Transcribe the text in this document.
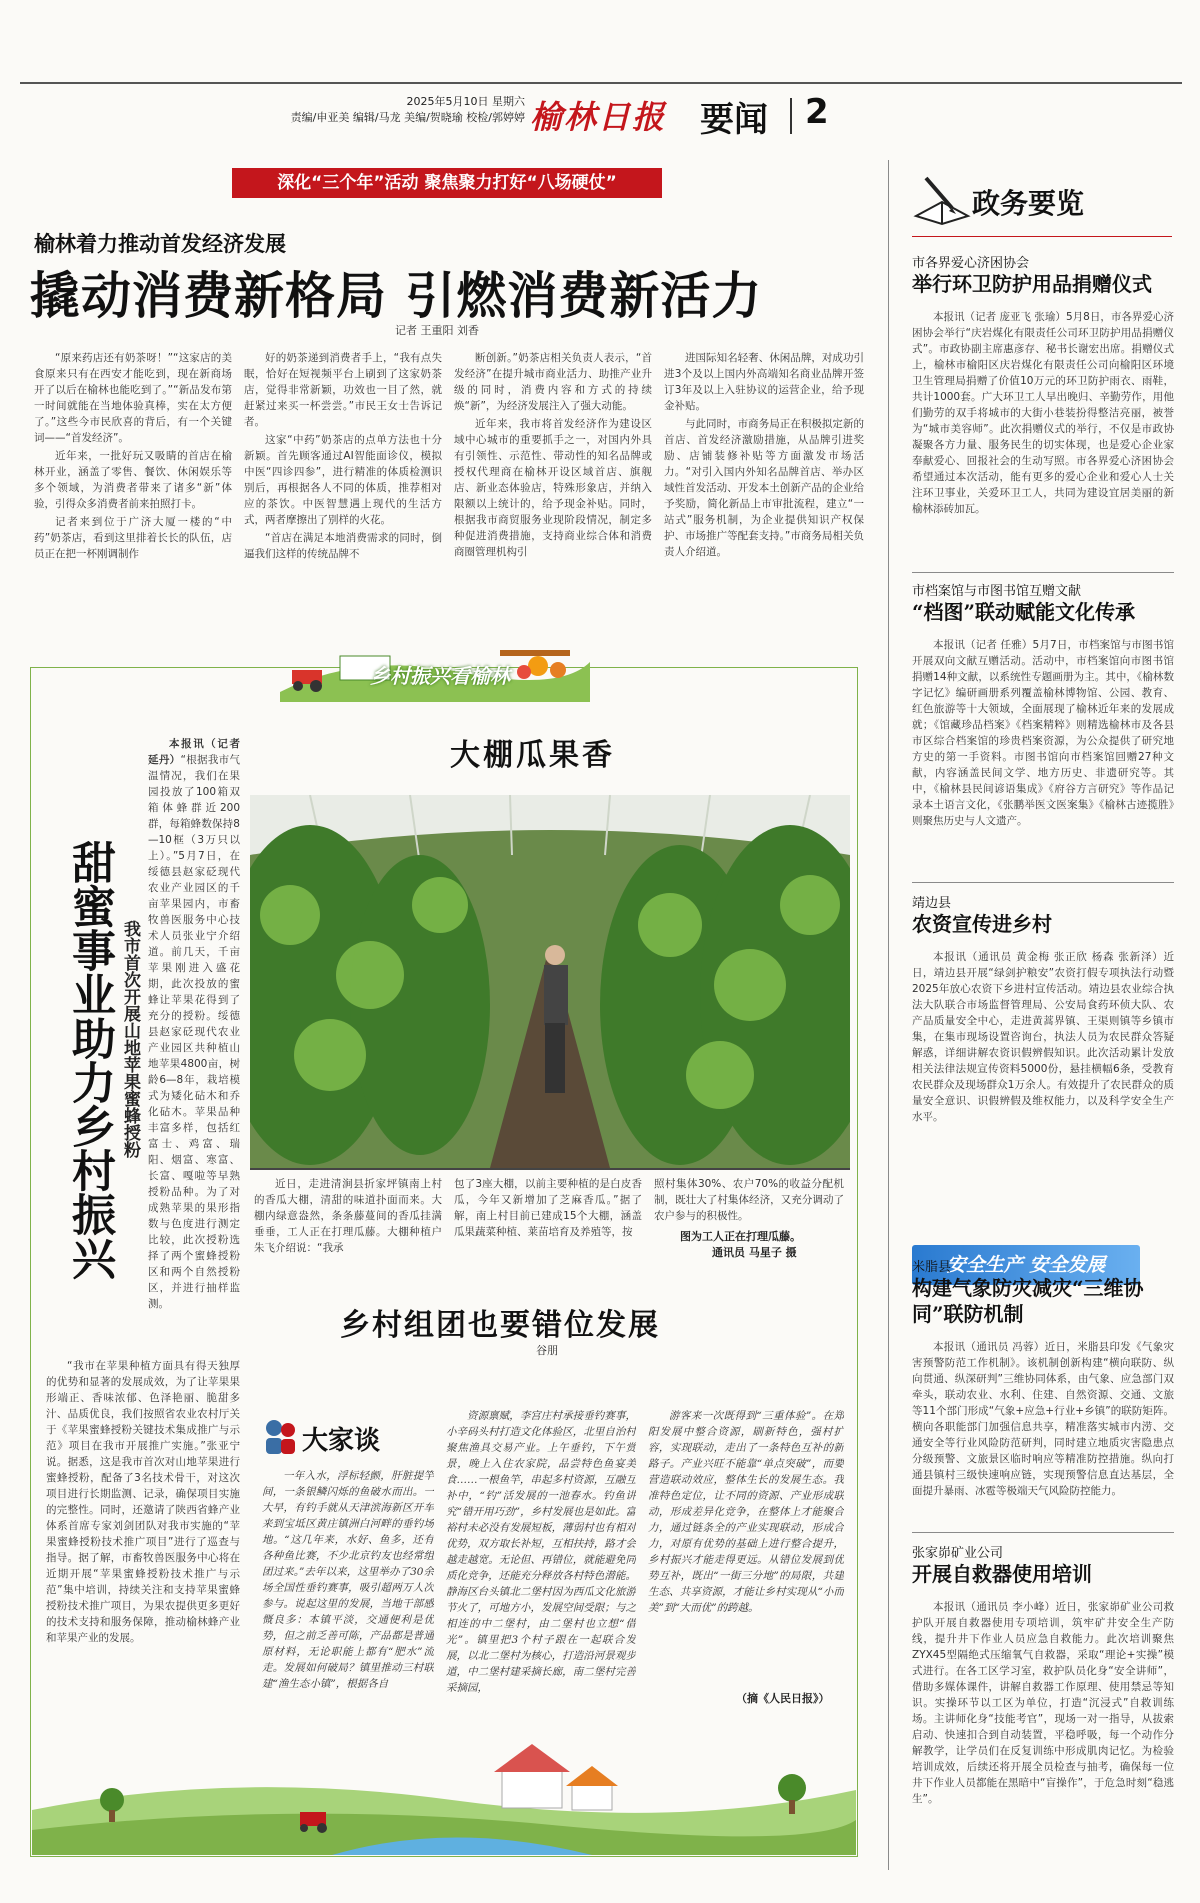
2025年5月10日 星期六
责编/申亚美 编辑/马龙 美编/贺晓瑜 校检/郭婷婷 榆林日报 要闻 2
深化“三个年”活动 聚焦聚力打好“八场硬仗”
榆林着力推动首发经济发展
撬动消费新格局 引燃消费新活力
记者 王重阳 刘香

“原来药店还有奶茶呀！”“这家店的美食原来只有在西安才能吃到，现在新商场开了以后在榆林也能吃到了。”“新品发布第一时间就能在当地体验真棒，实在太方便了。”这些今市民欣喜的背后，有一个关键词——“首发经济”。

近年来，一批好玩又吸睛的首店在榆林开业，涵盖了零售、餐饮、休闲娱乐等多个领域，为消费者带来了诸多“新”体验，引得众多消费者前来拍照打卡。

记者来到位于广济大厦一楼的“中药”奶茶店，看到这里排着长长的队伍，店员正在把一杯刚调制作

好的奶茶递到消费者手上，“我有点失眠，恰好在短视频平台上刷到了这家奶茶店，觉得非常新颖，功效也一目了然，就赶紧过来买一杯尝尝。”市民王女士告诉记者。

这家“中药”奶茶店的点单方法也十分新颖。首先顾客通过AI智能面诊仪，模拟中医“四诊四参”，进行精准的体质检测识别后，再根据各人不同的体质，推荐相对应的茶饮。中医智慧遇上现代的生活方式，两者摩擦出了别样的火花。

“首店在满足本地消费需求的同时，倒逼我们这样的传统品牌不

断创新。”奶茶店相关负责人表示，“首发经济”在提升城市商业活力、助推产业升级的同时，消费内容和方式的持续焕“新”，为经济发展注入了强大动能。

近年来，我市将首发经济作为建设区域中心城市的重要抓手之一，对国内外具有引领性、示范性、带动性的知名品牌或授权代理商在榆林开设区域首店、旗舰店、新业态体验店，特殊形象店，并纳入限额以上统计的，给予现金补贴。同时，根据我市商贸服务业现阶段情况，制定多种促进消费措施，支持商业综合体和消费商圈管理机构引

进国际知名轻奢、休闲品牌，对成功引进3个及以上国内外高端知名商业品牌开签订3年及以上入驻协议的运营企业，给予现金补贴。

与此同时，市商务局正在积极拟定新的首店、首发经济激励措施，从品牌引进奖励、店铺装修补贴等方面激发市场活力。“对引入国内外知名品牌首店、举办区域性首发活动、开发本土创新产品的企业给予奖励，简化新品上市审批流程，建立“一站式”服务机制，为企业提供知识产权保护、市场推广等配套支持。”市商务局相关负责人介绍道。

政务要览
市各界爱心济困协会
举行环卫防护用品捐赠仪式
本报讯（记者 庞亚飞 张瑜）5月8日，市各界爱心济困协会举行“庆岩煤化有限责任公司环卫防护用品捐赠仪式”。市政协副主席惠彦存、秘书长谢宏出席。捐赠仪式上，榆林市榆阳区庆岩煤化有限责任公司向榆阳区环境卫生管理局捐赠了价值10万元的环卫防护雨衣、雨鞋，共计1000套。广大环卫工人早出晚归、辛勤劳作，用他们勤劳的双手将城市的大街小巷装扮得整洁亮丽，被誉为“城市美容师”。此次捐赠仪式的举行，不仅是市政协凝聚各方力量、服务民生的切实体现，也是爱心企业家奉献爱心、回报社会的生动写照。市各界爱心济困协会希望通过本次活动，能有更多的爱心企业和爱心人士关注环卫事业，关爱环卫工人，共同为建设宜居美丽的新榆林添砖加瓦。
市档案馆与市图书馆互赠文献
“档图”联动赋能文化传承
本报讯（记者 任雅）5月7日，市档案馆与市图书馆开展双向文献互赠活动。活动中，市档案馆向市图书馆捐赠14种文献，以系统性专题画册为主。其中，《榆林数字记忆》编研画册系列覆盖榆林博物馆、公园、教育、红色旅游等十大领域，全面展现了榆林近年来的发展成就；《馆藏珍品档案》《档案精粹》则精选榆林市及各县市区综合档案馆的珍贵档案资源，为公众提供了研究地方史的第一手资料。市图书馆向市档案馆回赠27种文献，内容涵盖民间文学、地方历史、非遗研究等。其中，《榆林县民间谚语集成》《府谷方言研究》等作品记录本土语言文化，《张鹏举医文医案集》《榆林古迹揽胜》则聚焦历史与人文遗产。
靖边县
农资宣传进乡村
本报讯（通讯员 黄金梅 张正欣 杨森 张新泽）近日，靖边县开展“绿剑护粮安”农资打假专项执法行动暨2025年放心农资下乡进村宣传活动。靖边县农业综合执法大队联合市场监督管理局、公安局食药环侦大队、农产品质量安全中心，走进黄蒿界镇、王渠则镇等乡镇市集，在集市现场设置咨询台，执法人员为农民群众答疑解惑，详细讲解农资识假辨假知识。此次活动累计发放相关法律法规宣传资料5000份，悬挂横幅6条，受教育农民群众及现场群众1万余人。有效提升了农民群众的质量安全意识、识假辨假及维权能力，以及科学安全生产水平。
安全生产 安全发展
米脂县
构建气象防灾减灾“三维协同”联防机制
本报讯（通讯员 冯蓉）近日，米脂县印发《气象灾害预警防范工作机制》。该机制创新构建“横向联防、纵向贯通、纵深研判”三维协同体系，由气象、应急部门双牵头，联动农业、水利、住建、自然资源、交通、文旅等11个部门形成“气象+应急+行业+乡镇”的联防矩阵。横向各职能部门加强信息共享，精准落实城市内涝、交通安全等行业风险防范研判，同时建立地质灾害隐患点分级预警、文旅景区临时响应等精准防控措施。纵向打通县镇村三级快速响应链，实现预警信息直达基层，全面提升暴雨、冰雹等极端天气风险防控能力。
张家峁矿业公司
开展自救器使用培训
本报讯（通讯员 李小峰）近日，张家峁矿业公司救护队开展自救器使用专项培训，筑牢矿井安全生产防线，提升井下作业人员应急自救能力。此次培训聚焦ZYX45型隔绝式压缩氧气自救器，采取“理论+实操”模式进行。在各工区学习室，救护队员化身“安全讲师”，借助多媒体课件，讲解自救器工作原理、使用禁忌等知识。实操环节以工区为单位，打造“沉浸式”自救训练场。主讲师化身“技能考官”，现场一对一指导，从拔索启动、快速扣合到自动装置，平稳呼吸，每一个动作分解教学，让学员们在反复训练中形成肌肉记忆。为检验培训成效，后续还将开展全员检查与抽考，确保每一位井下作业人员都能在黑暗中“盲操作”，于危急时刻“稳逃生”。
乡村振兴看榆林
甜蜜事业助力乡村振兴 我市首次开展山地苹果蜜蜂授粉
本报讯（记者 延丹）“根据我市气温情况，我们在果园投放了100箱双箱体蜂群近200群，每箱蜂数保持8—10框（3万只以上）。”5月7日，在绥德县赵家砭现代农业产业园区的千亩苹果园内，市畜牧兽医服务中心技术人员张业宁介绍道。前几天，千亩苹果刚进入盛花期，此次投放的蜜蜂让苹果花得到了充分的授粉。绥德县赵家砭现代农业产业园区共种植山地苹果4800亩，树龄6—8年，栽培模式为矮化砧木和乔化砧木。苹果品种丰富多样，包括红富士、鸡富、瑞阳、烟富、寒富、长富、嘎啦等早熟授粉品种。为了对成熟苹果的果形指数与色度进行测定比较，此次授粉选择了两个蜜蜂授粉区和两个自然授粉区，并进行抽样监测。
“我市在苹果种植方面具有得天独厚的优势和显著的发展成效，为了让苹果果形端正、香味浓郁、色泽艳丽、脆甜多汁、品质优良，我们按照省农业农村厅关于《苹果蜜蜂授粉关键技术集成推广与示范》项目在我市开展推广实施。”张亚宁说。据悉，这是我市首次对山地苹果进行蜜蜂授粉，配备了3名技术骨干，对这次项目进行长期监测、记录，确保项目实施的完整性。同时，还邀请了陕西省蜂产业体系首席专家刘剑团队对我市实施的“苹果蜜蜂授粉技术推广项目”进行了巡查与指导。据了解，市畜牧兽医服务中心将在近期开展“苹果蜜蜂授粉技术推广与示范”集中培训，持续关注和支持苹果蜜蜂授粉技术推广项目，为果农提供更多更好的技术支持和服务保障，推动榆林蜂产业和苹果产业的发展。
大棚瓜果香
近日，走进清涧县折家坪镇南上村的香瓜大棚，清甜的味道扑面而来。大棚内绿意盎然，条条藤蔓间的香瓜挂满垂垂，工人正在打理瓜藤。大棚种植户朱飞介绍说：“我承
包了3座大棚，以前主要种植的是白皮香瓜，今年又新增加了芝麻香瓜。”据了解，南上村目前已建成15个大棚，涵盖瓜果蔬菜种植、莱苗培育及养殖等，按
照村集体30%、农户70%的收益分配机制，既壮大了村集体经济，又充分调动了农户参与的积极性。
图为工人正在打理瓜藤。
通讯员 马星子 摄
乡村组团也要错位发展
谷朋
大家谈
一年入水，浮标轻颤，肝脏提竿间，一条银鳞闪烁的鱼破水而出。一大早，有钓手就从天津滨海新区开车来到宝坻区黄庄镇洲白河畔的垂钓场地。“这几年来，水好、鱼多，还有各种鱼比赛，不少北京钓友也经常组团过来。”去年以来，这里举办了30余场全国性垂钓赛事，吸引超两万人次参与。说起这里的发展，当地干部感慨良多：本镇平淡，交通便利是优势，但之前乏善可陈，产品都是普通原材料，无论职能上都有“肥水”流走。发展如何破局？镇里推动三村联建“渔生态小镇”，根据各自
资源禀赋，李宫庄村承接垂钓赛事，小辛码头村打造文化体验区，北里自治村聚焦渔具交易产业。上午垂钓，下午赏景，晚上入住农家院，品尝特色鱼宴美食……一根鱼竿，串起多村资源，互融互补中，“钓”活发展的一池春水。钓鱼讲究“错开用巧劲”，乡村发展也是如此。富裕村未必没有发展短板，薄弱村也有相对优势，双方取长补短，互相扶持，路才会越走越宽。无论但、再错位，就能避免同质化竞争，还能充分释放各村特色潜能。静海区台头镇北二堡村因为西瓜文化旅游节火了，可地方小，发展空间受限；与之相连的中二堡村，由二堡村也立想“借光”。镇里把3个村子跟在一起联合发展，以北二堡村为核心，打造沿河景观步道，中二堡村建采摘长廊，南二堡村完善采摘园，
游客来一次既得到“三重体验”。在郑阳发展中整合资源，刷新特色，强村扩容，实现联动，走出了一条特色互补的新路子。产业兴旺不能靠“单点突破”，而要营造联动效应，整体生长的发展生态。我准特色定位，让不同的资源、产业形成联动，形成差异化竞争，在整体上才能聚合力，通过链条全的产业实现联动，形成合力，对原有优势的基础上进行整合提升，乡村振兴才能走得更远。从错位发展到优势互补，既出“一街三分地”的局限，共建生态、共享资源，才能让乡村实现从“小而美”到“大而优”的跨越。
（摘《人民日报》）
